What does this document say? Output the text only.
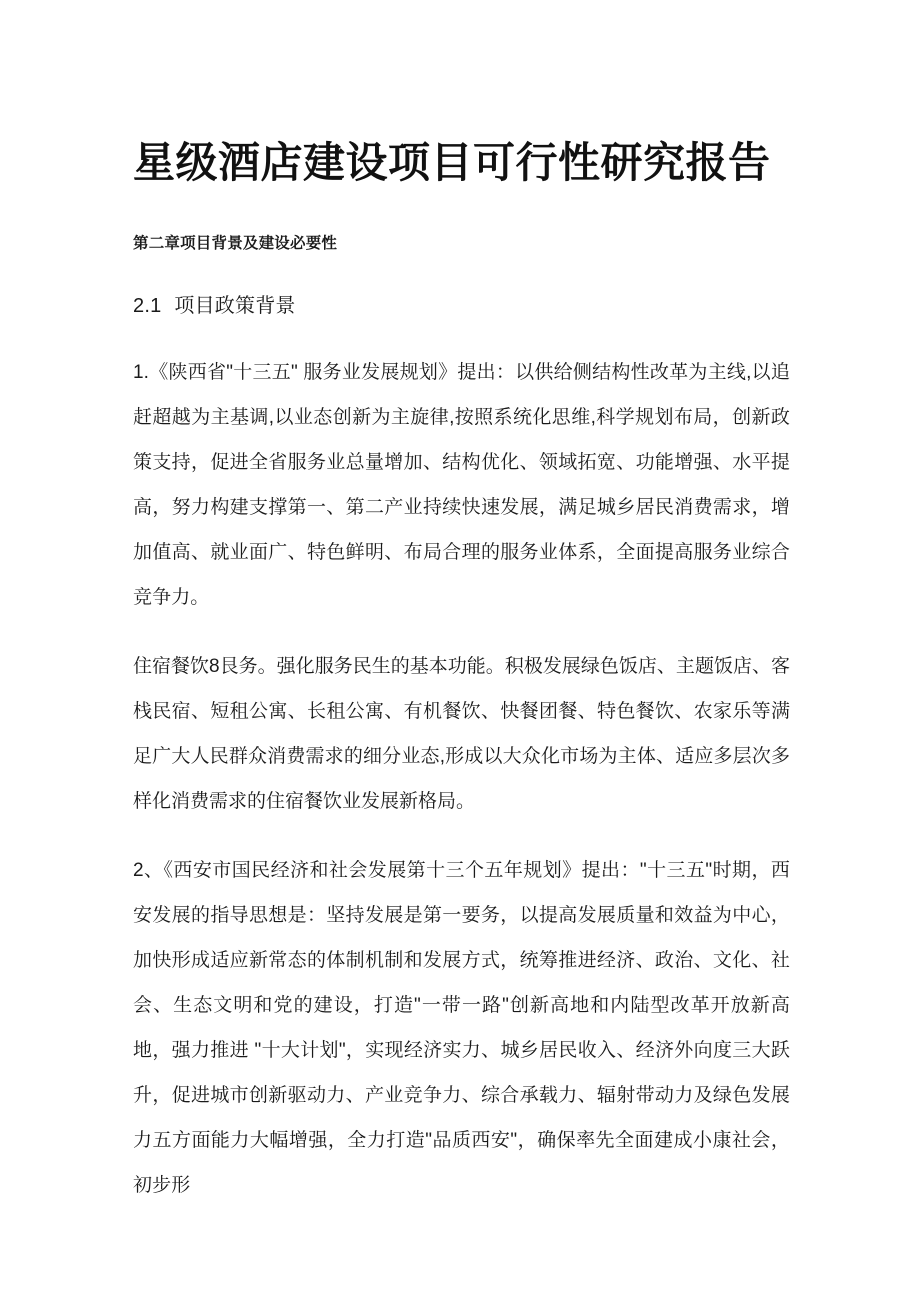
星级酒店建设项目可行性研究报告
第二章项目背景及建设必要性
2.1 项目政策背景

1.《陕西省"十三五" 服务业发展规划》提出：以供给侧结构性改革为主线,以追赶超越为主基调,以业态创新为主旋律,按照系统化思维,科学规划布局，创新政策支持，促进全省服务业总量增加、结构优化、领域拓宽、功能增强、水平提高，努力构建支撑第一、第二产业持续快速发展，满足城乡居民消费需求，增加值高、就业面广、特色鲜明、布局合理的服务业体系，全面提高服务业综合竞争力。

住宿餐饮8艮务。强化服务民生的基本功能。积极发展绿色饭店、主题饭店、客栈民宿、短租公寓、长租公寓、有机餐饮、快餐团餐、特色餐饮、农家乐等满足广大人民群众消费需求的细分业态,形成以大众化市场为主体、适应多层次多样化消费需求的住宿餐饮业发展新格局。

2、《西安市国民经济和社会发展第十三个五年规划》提出："十三五"时期，西安发展的指导思想是：坚持发展是第一要务，以提高发展质量和效益为中心，加快形成适应新常态的体制机制和发展方式，统筹推进经济、政治、文化、社会、生态文明和党的建设，打造"一带一路"创新高地和内陆型改革开放新高地，强力推进 "十大计划"，实现经济实力、城乡居民收入、经济外向度三大跃升，促进城市创新驱动力、产业竞争力、综合承载力、辐射带动力及绿色发展力五方面能力大幅增强，全力打造"品质西安"，确保率先全面建成小康社会，初步形
